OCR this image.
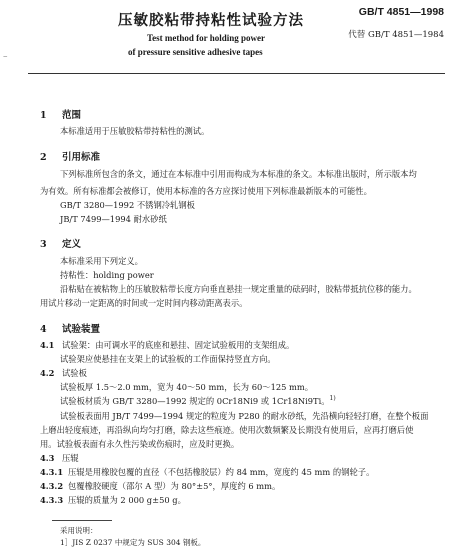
–
压敏胶粘带持粘性试验方法	GB/T 4851—1998
代替 GB/T 4851—1984
Test method for holding power
of pressure sensitive adhesive tapes
1 范围
本标准适用于压敏胶粘带持粘性的测试。
2 引用标准
下列标准所包含的条文，通过在本标准中引用而构成为本标准的条文。本标准出版时，所示版本均
为有效。所有标准都会被修订，使用本标准的各方应探讨使用下列标准最新版本的可能性。
GB/T 3280—1992 不锈钢冷轧钢板
JB/T 7499—1994 耐水砂纸
3 定义
本标准采用下列定义。
持粘性：holding power
沿粘贴在被粘物上的压敏胶粘带长度方向垂直悬挂一规定重量的砝码时，胶粘带抵抗位移的能力。
用试片移动一定距离的时间或一定时间内移动距离表示。
4 试验装置
4.1 试验架：由可调水平的底座和悬挂、固定试验板用的支架组成。
试验架应使悬挂在支架上的试验板的工作面保持竖直方向。
4.2 试验板
试验板厚 1.5～2.0 mm，宽为 40～50 mm，长为 60～125 mm。
试验板材质为 GB/T 3280—1992 规定的 0Cr18Ni9 或 1Cr18Ni9Ti。$^{1)}$
试验板表面用 JB/T 7499—1994 规定的粒度为 P280 的耐水砂纸，先沿横向轻轻打磨，在整个板面
上磨出轻度痕迹，再沿纵向均匀打磨，除去这些痕迹。使用次数频繁及长期没有使用后，应再打磨后使
用。试验板表面有永久性污染或伤痕时，应及时更换。
4.3 压辊
4.3.1 压辊是用橡胶包覆的直径（不包括橡胶层）约 84 mm，宽度约 45 mm 的钢轮子。
4.3.2 包覆橡胶硬度（邵尔 A 型）为 80°±5°，厚度约 6 mm。
4.3.3 压辊的质量为 2 000 g±50 g。
采用说明：
1］JIS Z 0237 中规定为 SUS 304 钢板。
